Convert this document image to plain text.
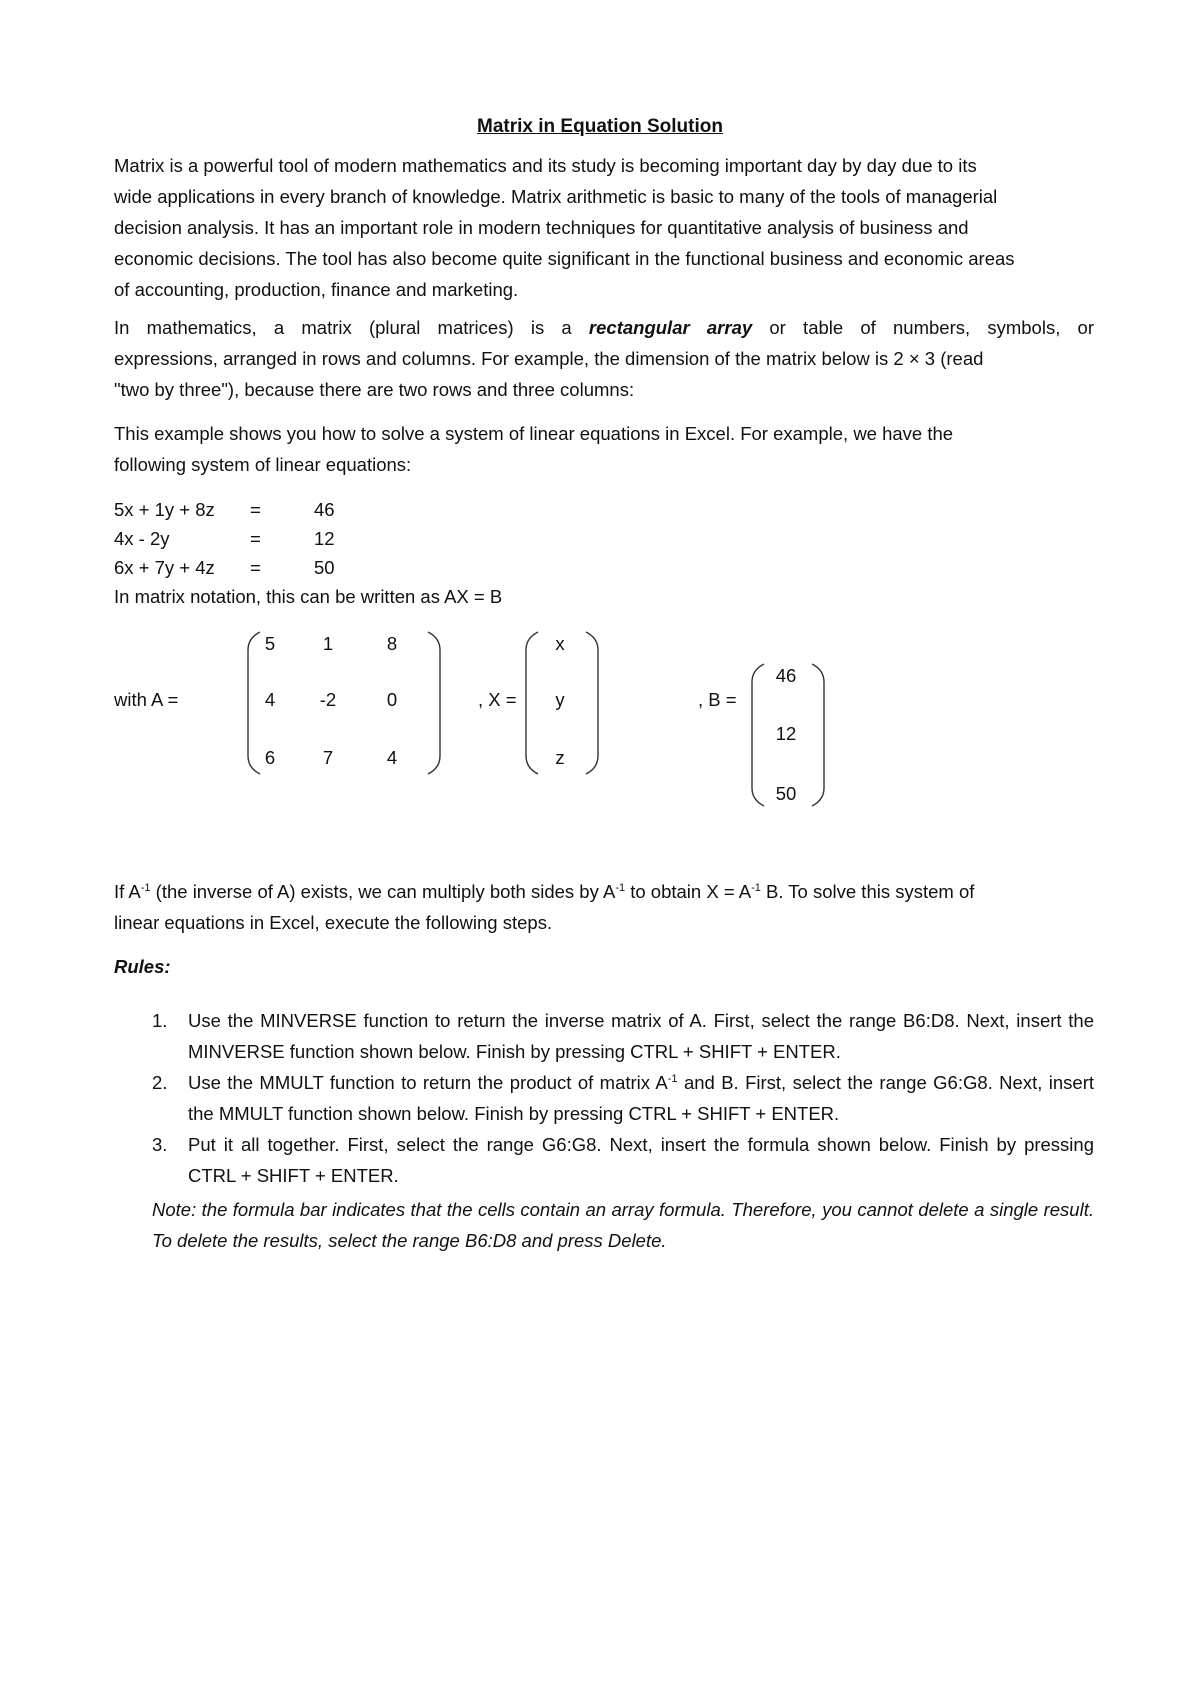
Matrix in Equation Solution

Matrix is a powerful tool of modern mathematics and its study is becoming important day by day due to its
wide applications in every branch of knowledge. Matrix arithmetic is basic to many of the tools of managerial
decision analysis. It has an important role in modern techniques for quantitative analysis of business and
economic decisions. The tool has also become quite significant in the functional business and economic areas
of accounting, production, finance and marketing.

In mathematics, a matrix (plural matrices) is a rectangular array or table of numbers, symbols, or
expressions, arranged in rows and columns. For example, the dimension of the matrix below is 2 × 3 (read
"two by three"), because there are two rows and three columns:

This example shows you how to solve a system of linear equations in Excel. For example, we have the
following system of linear equations:

5x + 1y + 8z =	46
4x - 2y	=	12
6x + 7y + 4z =	50
In matrix notation, this can be written as AX = B
with A =
5	1	8
4	-2	0
6	7	4
, X =
x
y
z
, B =
46
12
50

If $A^{-1}$ (the inverse of A) exists, we can multiply both sides by $A^{-1}$ to obtain $X = A^{-1}$ B. To solve this system of
linear equations in Excel, execute the following steps.

Rules:
1. Use the MINVERSE function to return the inverse matrix of A. First, select the range B6:D8. Next, insert the MINVERSE function shown below. Finish by pressing CTRL + SHIFT + ENTER.
2. Use the MMULT function to return the product of matrix $A^{-1}$ and B. First, select the range G6:G8. Next, insert the MMULT function shown below. Finish by pressing CTRL + SHIFT + ENTER.
3. Put it all together. First, select the range G6:G8. Next, insert the formula shown below. Finish by pressing CTRL + SHIFT + ENTER.

Note: the formula bar indicates that the cells contain an array formula. Therefore, you cannot delete a single result. To delete the results, select the range B6:D8 and press Delete.
